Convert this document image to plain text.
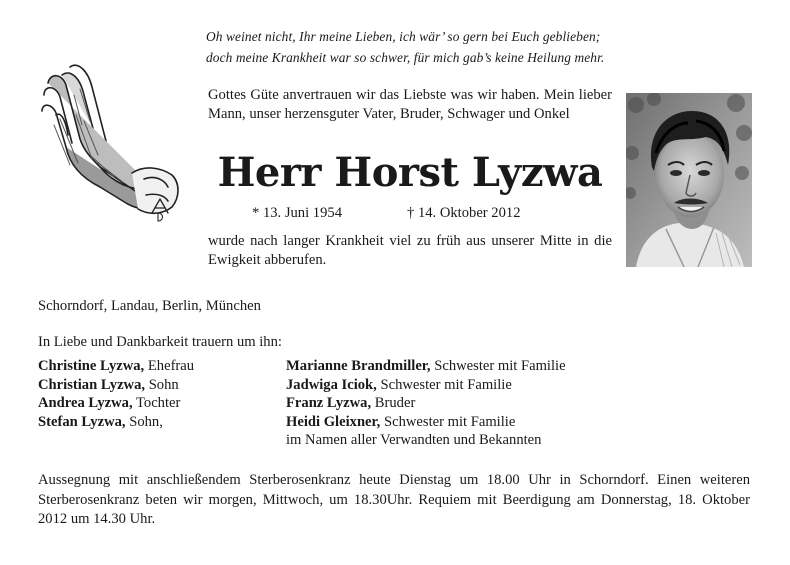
Oh weinet nicht, Ihr meine Lieben, ich wär’ so gern bei Euch geblieben;
doch meine Krankheit war so schwer, für mich gab’s keine Heilung mehr.
Gottes Güte anvertrauen wir das Liebste was wir haben. Mein lieber Mann, unser herzensguter Vater, Bruder, Schwager und Onkel
Herr Horst Lyzwa
* 13. Juni 1954	† 14. Oktober 2012
wurde nach langer Krankheit viel zu früh aus unserer Mitte in die Ewigkeit abberufen.
Schorndorf, Landau, Berlin, München
In Liebe und Dankbarkeit trauern um ihn:
Christine Lyzwa, Ehefrau
Christian Lyzwa, Sohn
Andrea Lyzwa, Tochter
Stefan Lyzwa, Sohn,
Marianne Brandmiller, Schwester mit Familie
Jadwiga Iciok, Schwester mit Familie
Franz Lyzwa, Bruder
Heidi Gleixner, Schwester mit Familie
im Namen aller Verwandten und Bekannten
Aussegnung mit anschließendem Sterberosenkranz heute Dienstag um 18.00 Uhr in Schorndorf. Einen weiteren Sterberosenkranz beten wir morgen, Mittwoch, um 18.30Uhr. Requiem mit Beerdigung am Donnerstag, 18. Oktober 2012 um 14.30 Uhr.
